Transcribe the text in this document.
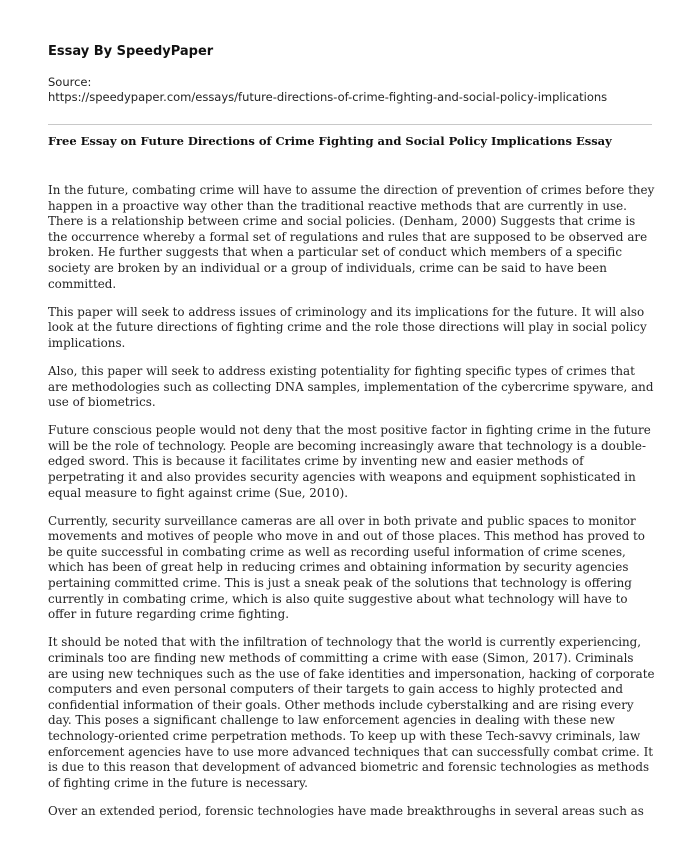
Essay By SpeedyPaper
Source:
https://speedypaper.com/essays/future-directions-of-crime-fighting-and-social-policy-implications
Free Essay on Future Directions of Crime Fighting and Social Policy Implications Essay

In the future, combating crime will have to assume the direction of prevention of crimes before they happen in a proactive way other than the traditional reactive methods that are currently in use. There is a relationship between crime and social policies. (Denham, 2000) Suggests that crime is the occurrence whereby a formal set of regulations and rules that are supposed to be observed are broken. He further suggests that when a particular set of conduct which members of a specific society are broken by an individual or a group of individuals, crime can be said to have been committed.

This paper will seek to address issues of criminology and its implications for the future. It will also look at the future directions of fighting crime and the role those directions will play in social policy implications.

Also, this paper will seek to address existing potentiality for fighting specific types of crimes that are methodologies such as collecting DNA samples, implementation of the cybercrime spyware, and use of biometrics.

Future conscious people would not deny that the most positive factor in fighting crime in the future will be the role of technology. People are becoming increasingly aware that technology is a double-edged sword. This is because it facilitates crime by inventing new and easier methods of perpetrating it and also provides security agencies with weapons and equipment sophisticated in equal measure to fight against crime (Sue, 2010).

Currently, security surveillance cameras are all over in both private and public spaces to monitor movements and motives of people who move in and out of those places. This method has proved to be quite successful in combating crime as well as recording useful information of crime scenes, which has been of great help in reducing crimes and obtaining information by security agencies pertaining committed crime. This is just a sneak peak of the solutions that technology is offering currently in combating crime, which is also quite suggestive about what technology will have to offer in future regarding crime fighting.

It should be noted that with the infiltration of technology that the world is currently experiencing, criminals too are finding new methods of committing a crime with ease (Simon, 2017). Criminals are using new techniques such as the use of fake identities and impersonation, hacking of corporate computers and even personal computers of their targets to gain access to highly protected and confidential information of their goals. Other methods include cyberstalking and are rising every day. This poses a significant challenge to law enforcement agencies in dealing with these new technology-oriented crime perpetration methods. To keep up with these Tech-savvy criminals, law enforcement agencies have to use more advanced techniques that can successfully combat crime. It is due to this reason that development of advanced biometric and forensic technologies as methods of fighting crime in the future is necessary.

Over an extended period, forensic technologies have made breakthroughs in several areas such as
